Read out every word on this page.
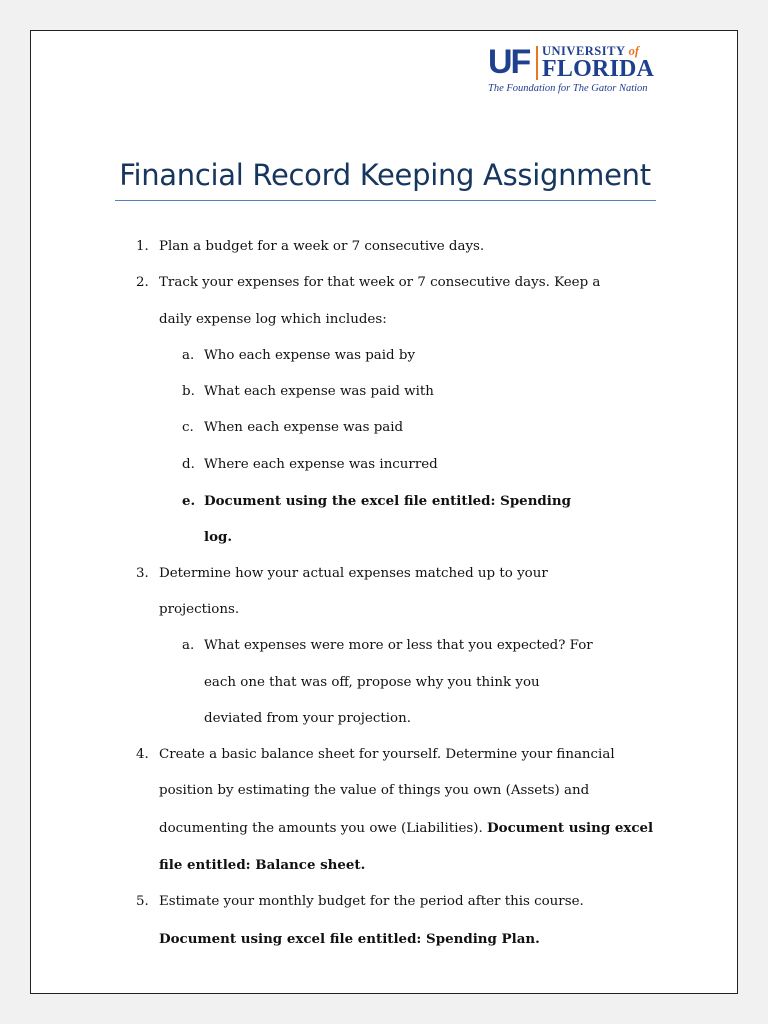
UF UNIVERSITY of
FLORIDA
The Foundation for The Gator Nation
Financial Record Keeping Assignment
1. Plan a budget for a week or 7 consecutive days.
2. Track your expenses for that week or 7 consecutive days. Keep a daily expense log which includes:
a. Who each expense was paid by
b. What each expense was paid with
c. When each expense was paid
d. Where each expense was incurred
e. Document using the excel file entitled: Spending log.
3. Determine how your actual expenses matched up to your projections.
a. What expenses were more or less that you expected? For each one that was off, propose why you think you deviated from your projection.
4. Create a basic balance sheet for yourself. Determine your financial position by estimating the value of things you own (Assets) and documenting the amounts you owe (Liabilities). Document using excel file entitled: Balance sheet.
5. Estimate your monthly budget for the period after this course. Document using excel file entitled: Spending Plan.
